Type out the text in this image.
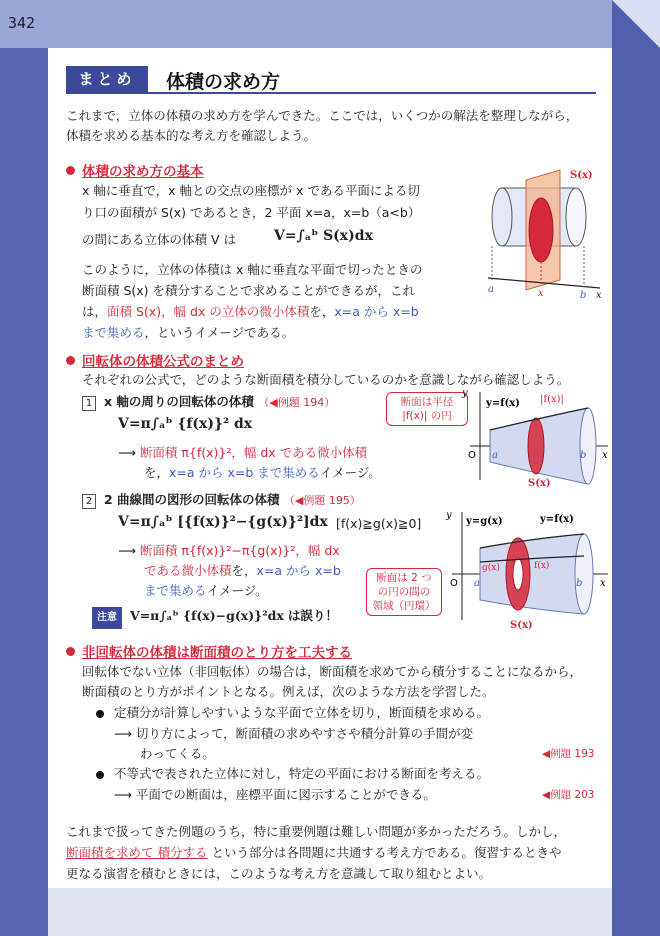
342
まとめ	体積の求め方
これまで，立体の体積の求め方を学んできた。ここでは，いくつかの解法を整理しながら，
体積を求める基本的な考え方を確認しよう。
体積の求め方の基本
x 軸に垂直で，x 軸との交点の座標が x である平面による切
り口の面積が S(x) であるとき，2 平面 x=a，x=b（a<b）
の間にある立体の体積 V は	V=∫ₐᵇ S(x)dx
このように，立体の体積は x 軸に垂直な平面で切ったときの
断面積 S(x) を積分することで求めることができるが，これ
は，面積 S(x)，幅 dx の立体の微小体積を，x=a から x=b
まで集める，というイメージである。
S(x)
a	x	b x
回転体の体積公式のまとめ
それぞれの公式で，どのような断面積を積分しているのかを意識しながら確認しよう。
1 x 軸の周りの回転体の体積 （◀例題 194）
V=π∫ₐᵇ {f(x)}² dx
⟶ 断面積 π{f(x)}²，幅 dx である微小体積
を，x=a から x=b まで集めるイメージ。
断面は半径
|f(x)| の円
y
y=f(x) |f(x)|
O a	b x
S(x)
2 2 曲線間の図形の回転体の体積 （◀例題 195）
V=π∫ₐᵇ [{f(x)}²−{g(x)}²]dx [f(x)≧g(x)≧0]
⟶ 断面積 π{f(x)}²−π{g(x)}²，幅 dx
である微小体積を，x=a から x=b
まで集めるイメージ。
注意 V=π∫ₐᵇ {f(x)−g(x)}²dx は誤り！
y
y=g(x)	y=f(x)
g(x)	f(x)
O a	b x
S(x)
断面は 2 つ
の円の間の
領域（円環）
非回転体の体積は断面積のとり方を工夫する
回転体でない立体（非回転体）の場合は，断面積を求めてから積分することになるから，
断面積のとり方がポイントとなる。例えば，次のような方法を学習した。
定積分が計算しやすいような平面で立体を切り，断面積を求める。
⟶ 切り方によって，断面積の求めやすさや積分計算の手間が変
わってくる。	◀例題 193
不等式で表された立体に対し，特定の平面における断面を考える。
⟶ 平面での断面は，座標平面に図示することができる。	◀例題 203
これまで扱ってきた例題のうち，特に重要例題は難しい問題が多かっただろう。しかし，
断面積を求めて 積分する という部分は各問題に共通する考え方である。復習するときや
更なる演習を積むときには，このような考え方を意識して取り組むとよい。
